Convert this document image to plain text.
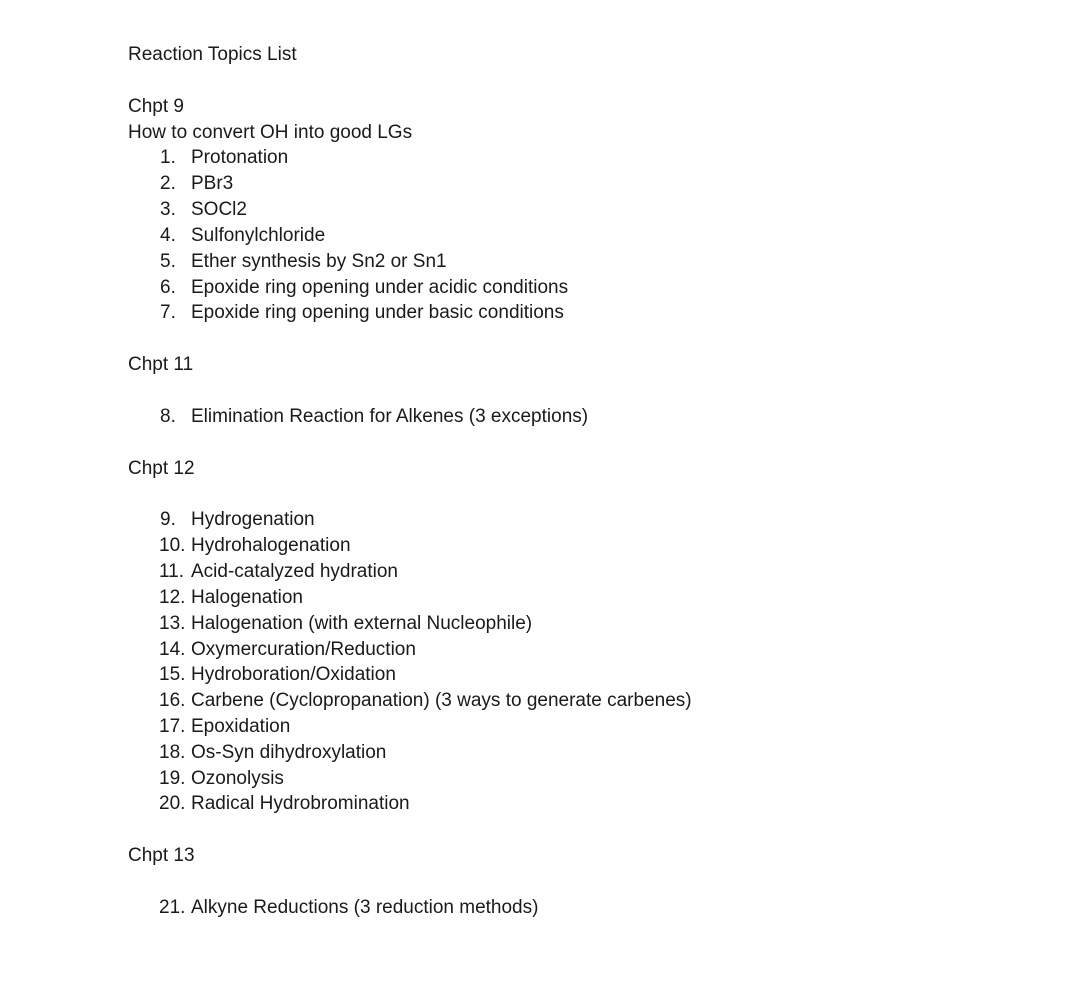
Reaction Topics List
Chpt 9
How to convert OH into good LGs
1. Protonation
2. PBr3
3. SOCl2
4. Sulfonylchloride
5. Ether synthesis by Sn2 or Sn1
6. Epoxide ring opening under acidic conditions
7. Epoxide ring opening under basic conditions
Chpt 11
8. Elimination Reaction for Alkenes (3 exceptions)
Chpt 12
9. Hydrogenation
10. Hydrohalogenation
11. Acid-catalyzed hydration
12. Halogenation
13. Halogenation (with external Nucleophile)
14. Oxymercuration/Reduction
15. Hydroboration/Oxidation
16. Carbene (Cyclopropanation) (3 ways to generate carbenes)
17. Epoxidation
18. Os-Syn dihydroxylation
19. Ozonolysis
20. Radical Hydrobromination
Chpt 13
21. Alkyne Reductions (3 reduction methods)
